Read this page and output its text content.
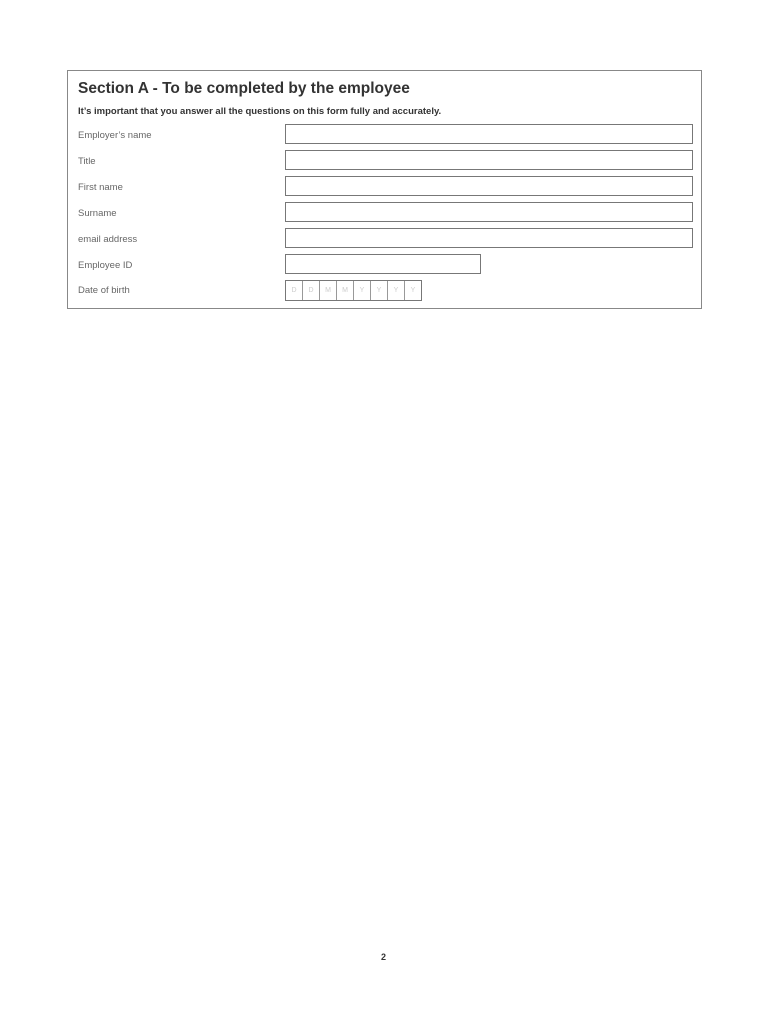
Section A - To be completed by the employee
It’s important that you answer all the questions on this form fully and accurately.
Employer’s name
Title
First name
Surname
email address
Employee ID
Date of birth	D	D	M	M	Y	Y	Y	Y
2
